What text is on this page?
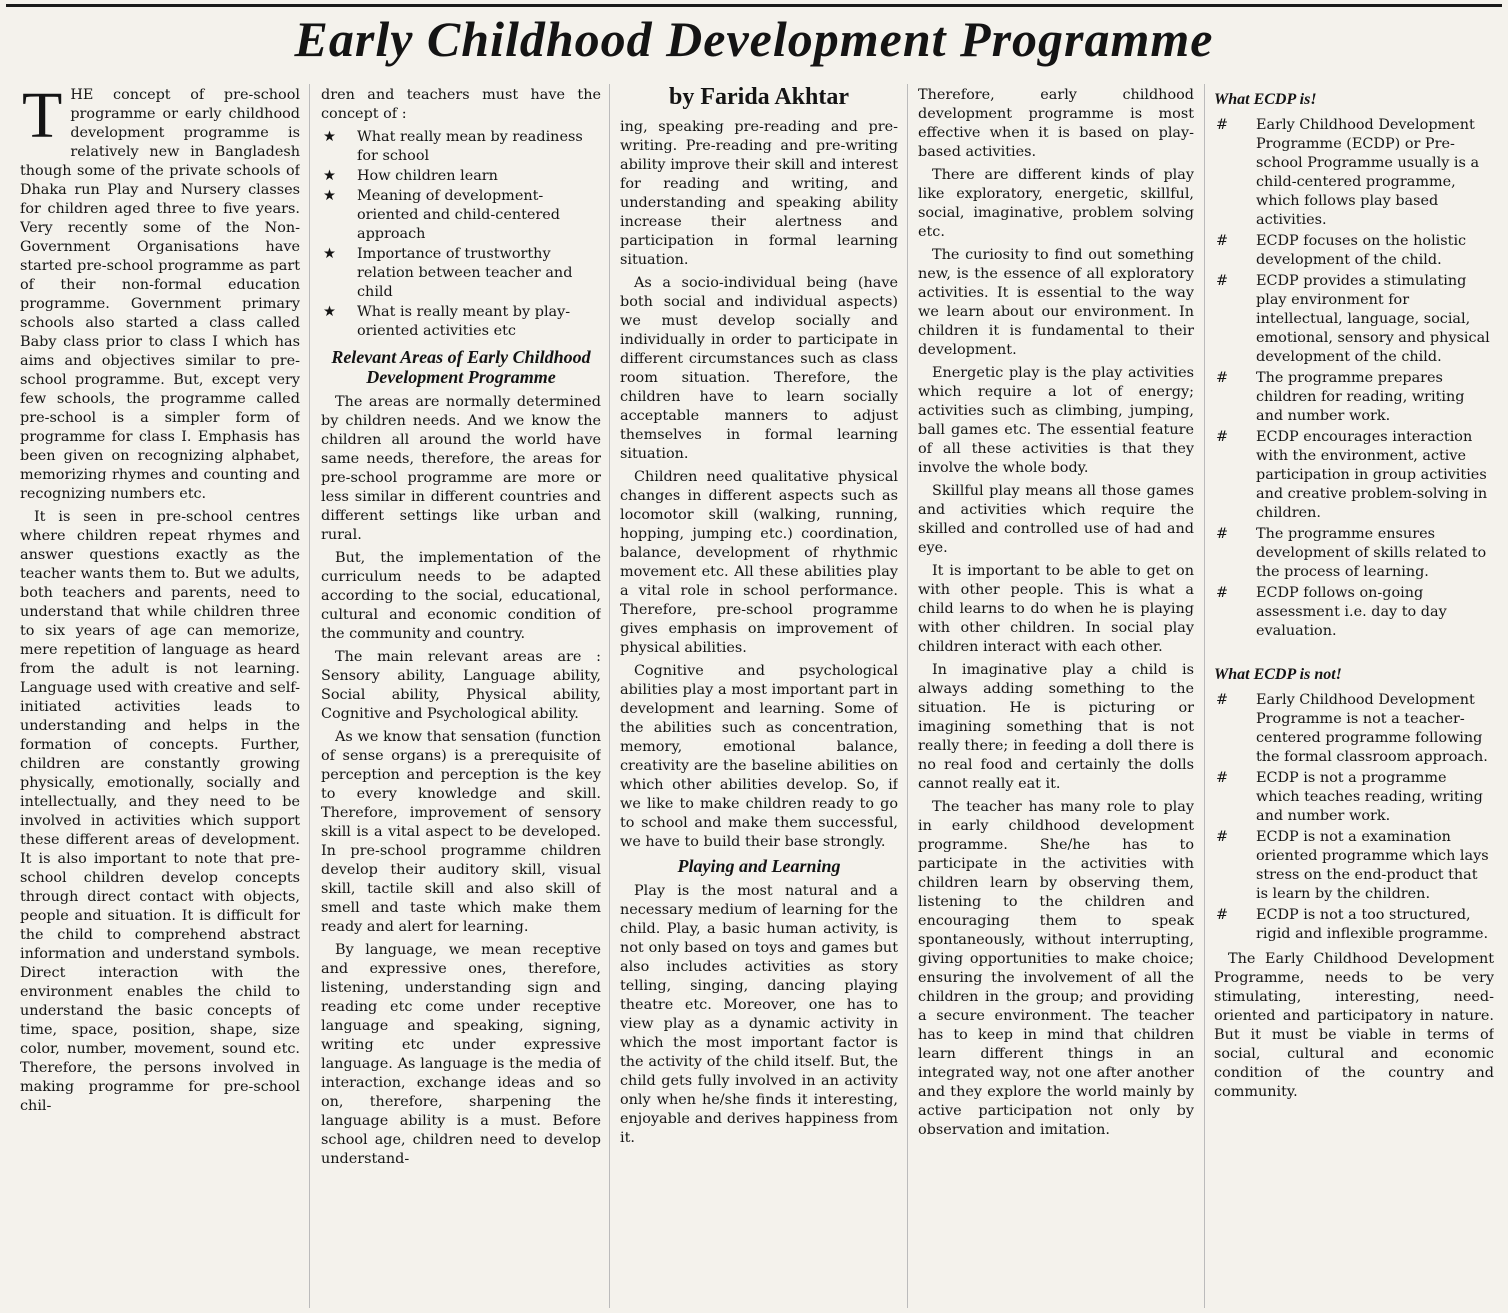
Early Childhood Development Programme

THE concept of pre-school programme or early childhood development programme is relatively new in Bangladesh though some of the private schools of Dhaka run Play and Nursery classes for children aged three to five years. Very recently some of the Non-Government Organisations have started pre-school programme as part of their non-formal education programme. Government primary schools also started a class called Baby class prior to class I which has aims and objectives similar to pre-school programme. But, except very few schools, the programme called pre-school is a simpler form of programme for class I. Emphasis has been given on recognizing alphabet, memorizing rhymes and counting and recognizing numbers etc.

It is seen in pre-school centres where children repeat rhymes and answer questions exactly as the teacher wants them to. But we adults, both teachers and parents, need to understand that while children three to six years of age can memorize, mere repetition of language as heard from the adult is not learning. Language used with creative and self-initiated activities leads to understanding and helps in the formation of concepts. Further, children are constantly growing physically, emotionally, socially and intellectually, and they need to be involved in activities which support these different areas of development. It is also important to note that pre-school children develop concepts through direct contact with objects, people and situation. It is difficult for the child to comprehend abstract information and understand symbols. Direct interaction with the environment enables the child to understand the basic concepts of time, space, position, shape, size color, number, movement, sound etc. Therefore, the persons involved in making programme for pre-school chil-

dren and teachers must have the concept of :

★ What really mean by readiness for school
★ How children learn
★ Meaning of development-oriented and child-centered approach
★ Importance of trustworthy relation between teacher and child
★ What is really meant by play-oriented activities etc
Relevant Areas of Early Childhood Development Programme

The areas are normally determined by children needs. And we know the children all around the world have same needs, therefore, the areas for pre-school programme are more or less similar in different countries and different settings like urban and rural.

But, the implementation of the curriculum needs to be adapted according to the social, educational, cultural and economic condition of the community and country.

The main relevant areas are : Sensory ability, Language ability, Social ability, Physical ability, Cognitive and Psychological ability.

As we know that sensation (function of sense organs) is a prerequisite of perception and perception is the key to every knowledge and skill. Therefore, improvement of sensory skill is a vital aspect to be developed. In pre-school programme children develop their auditory skill, visual skill, tactile skill and also skill of smell and taste which make them ready and alert for learning.

By language, we mean receptive and expressive ones, therefore, listening, understanding sign and reading etc come under receptive language and speaking, signing, writing etc under expressive language. As language is the media of interaction, exchange ideas and so on, therefore, sharpening the language ability is a must. Before school age, children need to develop understand-

by Farida Akhtar

ing, speaking pre-reading and pre-writing. Pre-reading and pre-writing ability improve their skill and interest for reading and writing, and understanding and speaking ability increase their alertness and participation in formal learning situation.

As a socio-individual being (have both social and individual aspects) we must develop socially and individually in order to participate in different circumstances such as class room situation. Therefore, the children have to learn socially acceptable manners to adjust themselves in formal learning situation.

Children need qualitative physical changes in different aspects such as locomotor skill (walking, running, hopping, jumping etc.) coordination, balance, development of rhythmic movement etc. All these abilities play a vital role in school performance. Therefore, pre-school programme gives emphasis on improvement of physical abilities.

Cognitive and psychological abilities play a most important part in development and learning. Some of the abilities such as concentration, memory, emotional balance, creativity are the baseline abilities on which other abilities develop. So, if we like to make children ready to go to school and make them successful, we have to build their base strongly.

Playing and Learning

Play is the most natural and a necessary medium of learning for the child. Play, a basic human activity, is not only based on toys and games but also includes activities as story telling, singing, dancing playing theatre etc. Moreover, one has to view play as a dynamic activity in which the most important factor is the activity of the child itself. But, the child gets fully involved in an activity only when he/she finds it interesting, enjoyable and derives happiness from it.

Therefore, early childhood development programme is most effective when it is based on play-based activities.

There are different kinds of play like exploratory, energetic, skillful, social, imaginative, problem solving etc.

The curiosity to find out something new, is the essence of all exploratory activities. It is essential to the way we learn about our environment. In children it is fundamental to their development.

Energetic play is the play activities which require a lot of energy; activities such as climbing, jumping, ball games etc. The essential feature of all these activities is that they involve the whole body.

Skillful play means all those games and activities which require the skilled and controlled use of had and eye.

It is important to be able to get on with other people. This is what a child learns to do when he is playing with other children. In social play children interact with each other.

In imaginative play a child is always adding something to the situation. He is picturing or imagining something that is not really there; in feeding a doll there is no real food and certainly the dolls cannot really eat it.

The teacher has many role to play in early childhood development programme. She/he has to participate in the activities with children learn by observing them, listening to the children and encouraging them to speak spontaneously, without interrupting, giving opportunities to make choice; ensuring the involvement of all the children in the group; and providing a secure environment. The teacher has to keep in mind that children learn different things in an integrated way, not one after another and they explore the world mainly by active participation not only by observation and imitation.

What ECDP is!
# Early Childhood Development Programme (ECDP) or Pre-school Programme usually is a child-centered programme, which follows play based activities.
# ECDP focuses on the holistic development of the child.
# ECDP provides a stimulating play environment for intellectual, language, social, emotional, sensory and physical development of the child.
# The programme prepares children for reading, writing and number work.
# ECDP encourages interaction with the environment, active participation in group activities and creative problem-solving in children.
# The programme ensures development of skills related to the process of learning.
# ECDP follows on-going assessment i.e. day to day evaluation.
What ECDP is not!
# Early Childhood Development Programme is not a teacher-centered programme following the formal classroom approach.
# ECDP is not a programme which teaches reading, writing and number work.
# ECDP is not a examination oriented programme which lays stress on the end-product that is learn by the children.
# ECDP is not a too structured, rigid and inflexible programme.

The Early Childhood Development Programme, needs to be very stimulating, interesting, need-oriented and participatory in nature. But it must be viable in terms of social, cultural and economic condition of the country and community.
